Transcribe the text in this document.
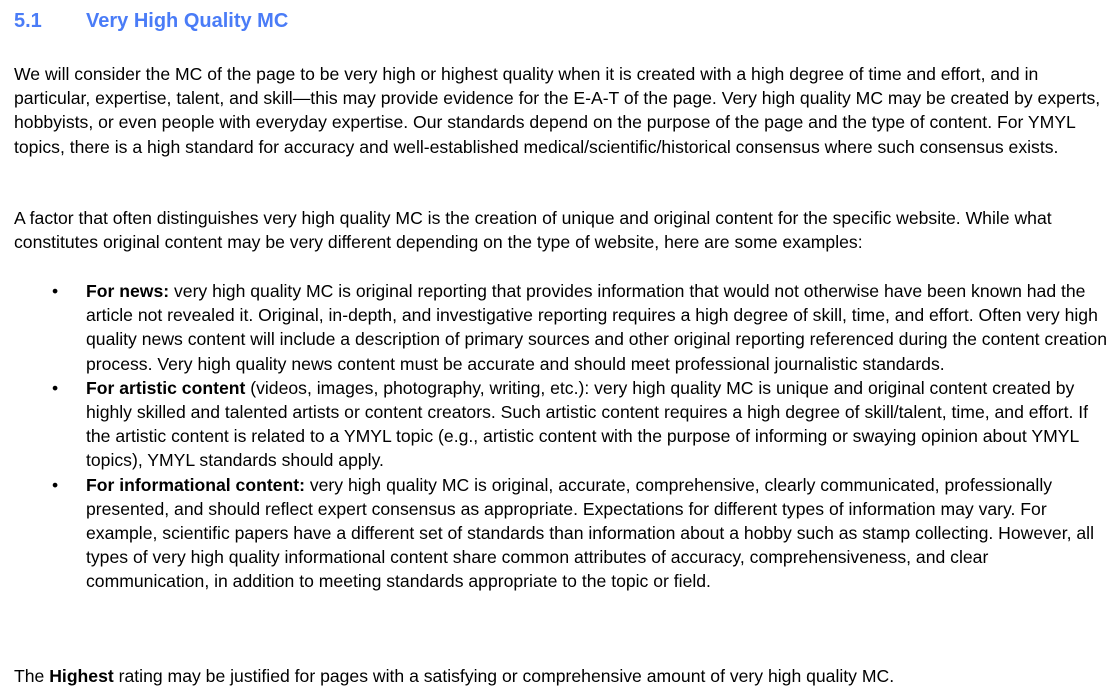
5.1	Very High Quality MC

We will consider the MC of the page to be very high or highest quality when it is created with a high degree of time and effort, and in particular, expertise, talent, and skill—this may provide evidence for the E-A-T of the page. Very high quality MC may be created by experts, hobbyists, or even people with everyday expertise. Our standards depend on the purpose of the page and the type of content. For YMYL topics, there is a high standard for accuracy and well-established medical/scientific/historical consensus where such consensus exists.

A factor that often distinguishes very high quality MC is the creation of unique and original content for the specific website. While what constitutes original content may be very different depending on the type of website, here are some examples:

• For news: very high quality MC is original reporting that provides information that would not otherwise have been known had the article not revealed it. Original, in-depth, and investigative reporting requires a high degree of skill, time, and effort. Often very high quality news content will include a description of primary sources and other original reporting referenced during the content creation process. Very high quality news content must be accurate and should meet professional journalistic standards.
• For artistic content (videos, images, photography, writing, etc.): very high quality MC is unique and original content created by highly skilled and talented artists or content creators. Such artistic content requires a high degree of skill/talent, time, and effort. If the artistic content is related to a YMYL topic (e.g., artistic content with the purpose of informing or swaying opinion about YMYL topics), YMYL standards should apply.
• For informational content: very high quality MC is original, accurate, comprehensive, clearly communicated, professionally presented, and should reflect expert consensus as appropriate. Expectations for different types of information may vary. For example, scientific papers have a different set of standards than information about a hobby such as stamp collecting. However, all types of very high quality informational content share common attributes of accuracy, comprehensiveness, and clear communication, in addition to meeting standards appropriate to the topic or field.

The Highest rating may be justified for pages with a satisfying or comprehensive amount of very high quality MC.
